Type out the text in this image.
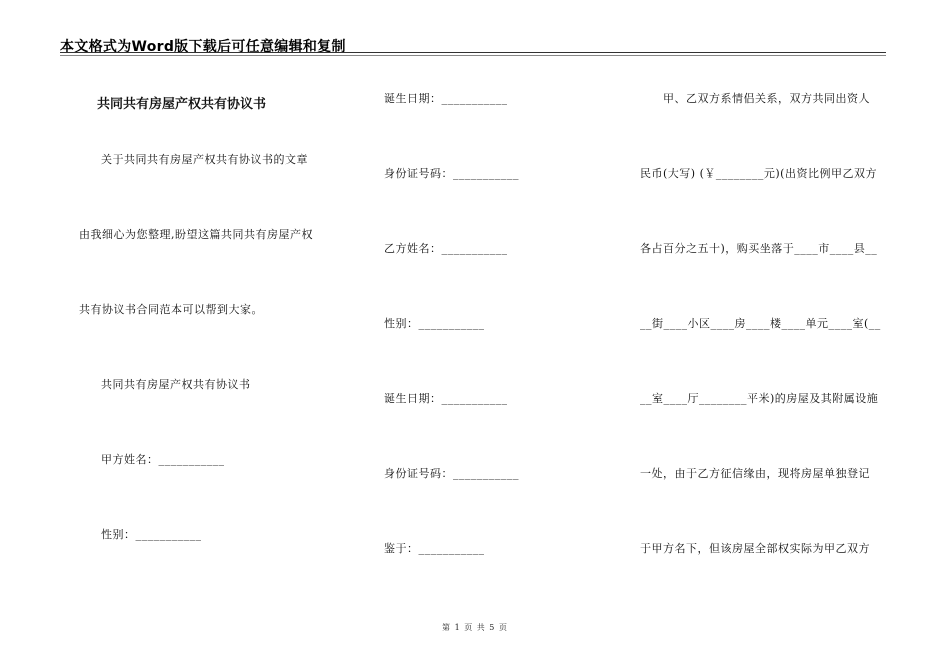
本文格式为Word版下载后可任意编辑和复制
共同共有房屋产权共有协议书
关于共同共有房屋产权共有协议书的文章
由我细心为您整理,盼望这篇共同共有房屋产权
共有协议书合同范本可以帮到大家。
共同共有房屋产权共有协议书
甲方姓名：___________
性别：___________
诞生日期：___________
身份证号码：___________
乙方姓名：___________
性别：___________
诞生日期：___________
身份证号码：___________
鉴于：___________
甲、乙双方系情侣关系，双方共同出资人
民币(大写) (￥________元)(出资比例甲乙双方
各占百分之五十)，购买坐落于____市____县__
__街____小区____房____楼____单元____室(__
__室____厅________平米)的房屋及其附属设施
一处，由于乙方征信缘由，现将房屋单独登记
于甲方名下，但该房屋全部权实际为甲乙双方
第 1 页 共 5 页
